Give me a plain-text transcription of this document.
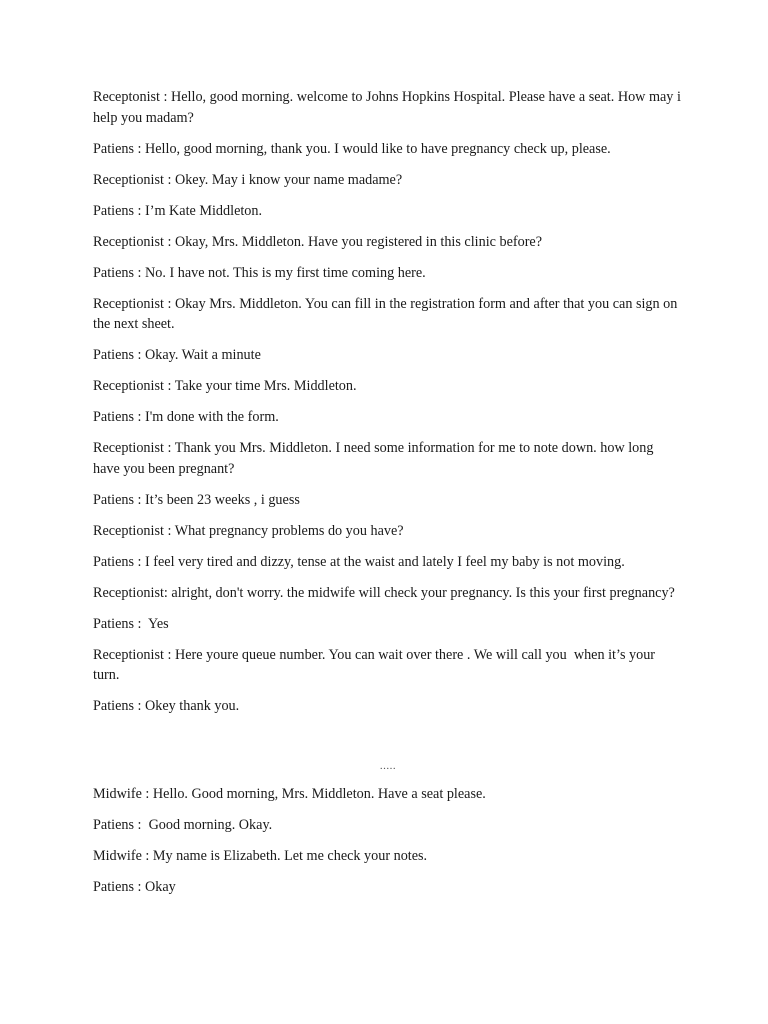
Receptonist : Hello, good morning. welcome to Johns Hopkins Hospital. Please have a seat. How may i help you madam?

Patiens : Hello, good morning, thank you. I would like to have pregnancy check up, please.

Receptionist : Okey. May i know your name madame?

Patiens : I’m Kate Middleton.

Receptionist : Okay, Mrs. Middleton. Have you registered in this clinic before?

Patiens : No. I have not. This is my first time coming here.

Receptionist : Okay Mrs. Middleton. You can fill in the registration form and after that you can sign on the next sheet.

Patiens : Okay. Wait a minute

Receptionist : Take your time Mrs. Middleton.

Patiens : I'm done with the form.

Receptionist : Thank you Mrs. Middleton. I need some information for me to note down. how long have you been pregnant?

Patiens : It’s been 23 weeks , i guess

Receptionist : What pregnancy problems do you have?

Patiens : I feel very tired and dizzy, tense at the waist and lately I feel my baby is not moving.

Receptionist: alright, don't worry. the midwife will check your pregnancy. Is this your first pregnancy?

Patiens :  Yes

Receptionist : Here youre queue number. You can wait over there . We will call you  when it’s your turn.

Patiens : Okey thank you.

.....

Midwife : Hello. Good morning, Mrs. Middleton. Have a seat please.

Patiens :  Good morning. Okay.

Midwife : My name is Elizabeth. Let me check your notes.

Patiens : Okay
